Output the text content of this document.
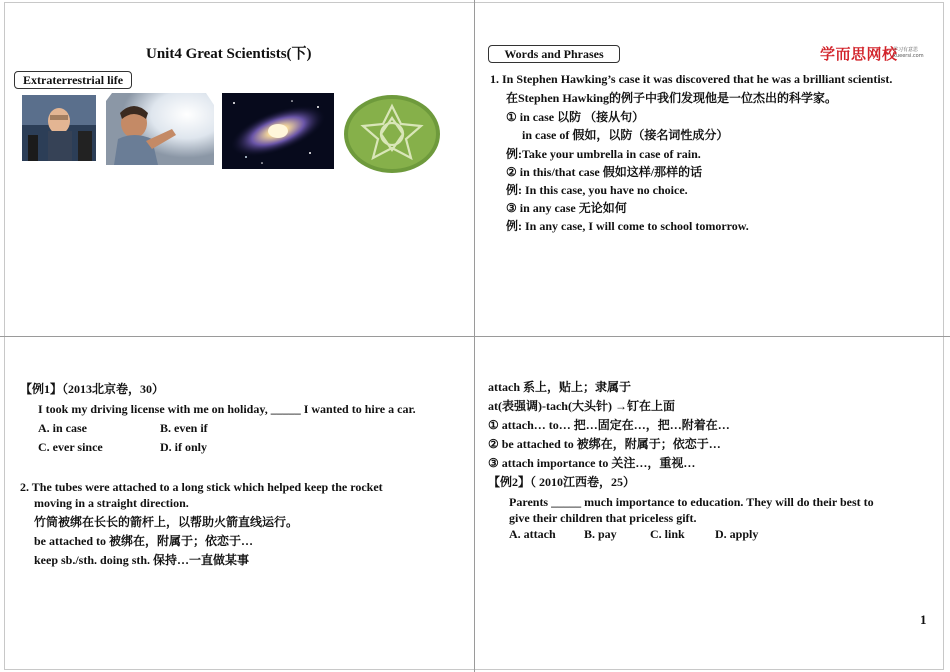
Unit4 Great Scientists(下)
Extraterrestrial life
Words and Phrases	学而思网校
学习有意思
xueersi.com
1. In Stephen Hawking’s case it was discovered that he was a brilliant scientist.
在Stephen Hawking的例子中我们发现他是一位杰出的科学家。
① in case 以防 （接从句）
in case of 假如，以防（接名词性成分）
例:Take your umbrella in case of rain.
② in this/that case 假如这样/那样的话
例: In this case, you have no choice.
③ in any case 无论如何
例: In any case, I will come to school tomorrow.
【例1】（2013北京卷，30）
I took my driving license with me on holiday, _____ I wanted to hire a car.
A. in case	B. even if
C. ever since	D. if only
2. The tubes were attached to a long stick which helped keep the rocket
moving in a straight direction.
竹筒被绑在长长的箭杆上，以帮助火箭直线运行。
be attached to 被绑在，附属于；依恋于…
keep sb./sth. doing sth. 保持…一直做某事
attach 系上，贴上；隶属于
at(表强调)-tach(大头针) →钉在上面
① attach… to… 把…固定在…，把…附着在…
② be attached to 被绑在，附属于；依恋于…
③ attach importance to 关注…，重视…
【例2】（ 2010江西卷，25）
Parents _____ much importance to education. They will do their best to
give their children that priceless gift.
A. attach B. pay	C. link	D. apply
1
